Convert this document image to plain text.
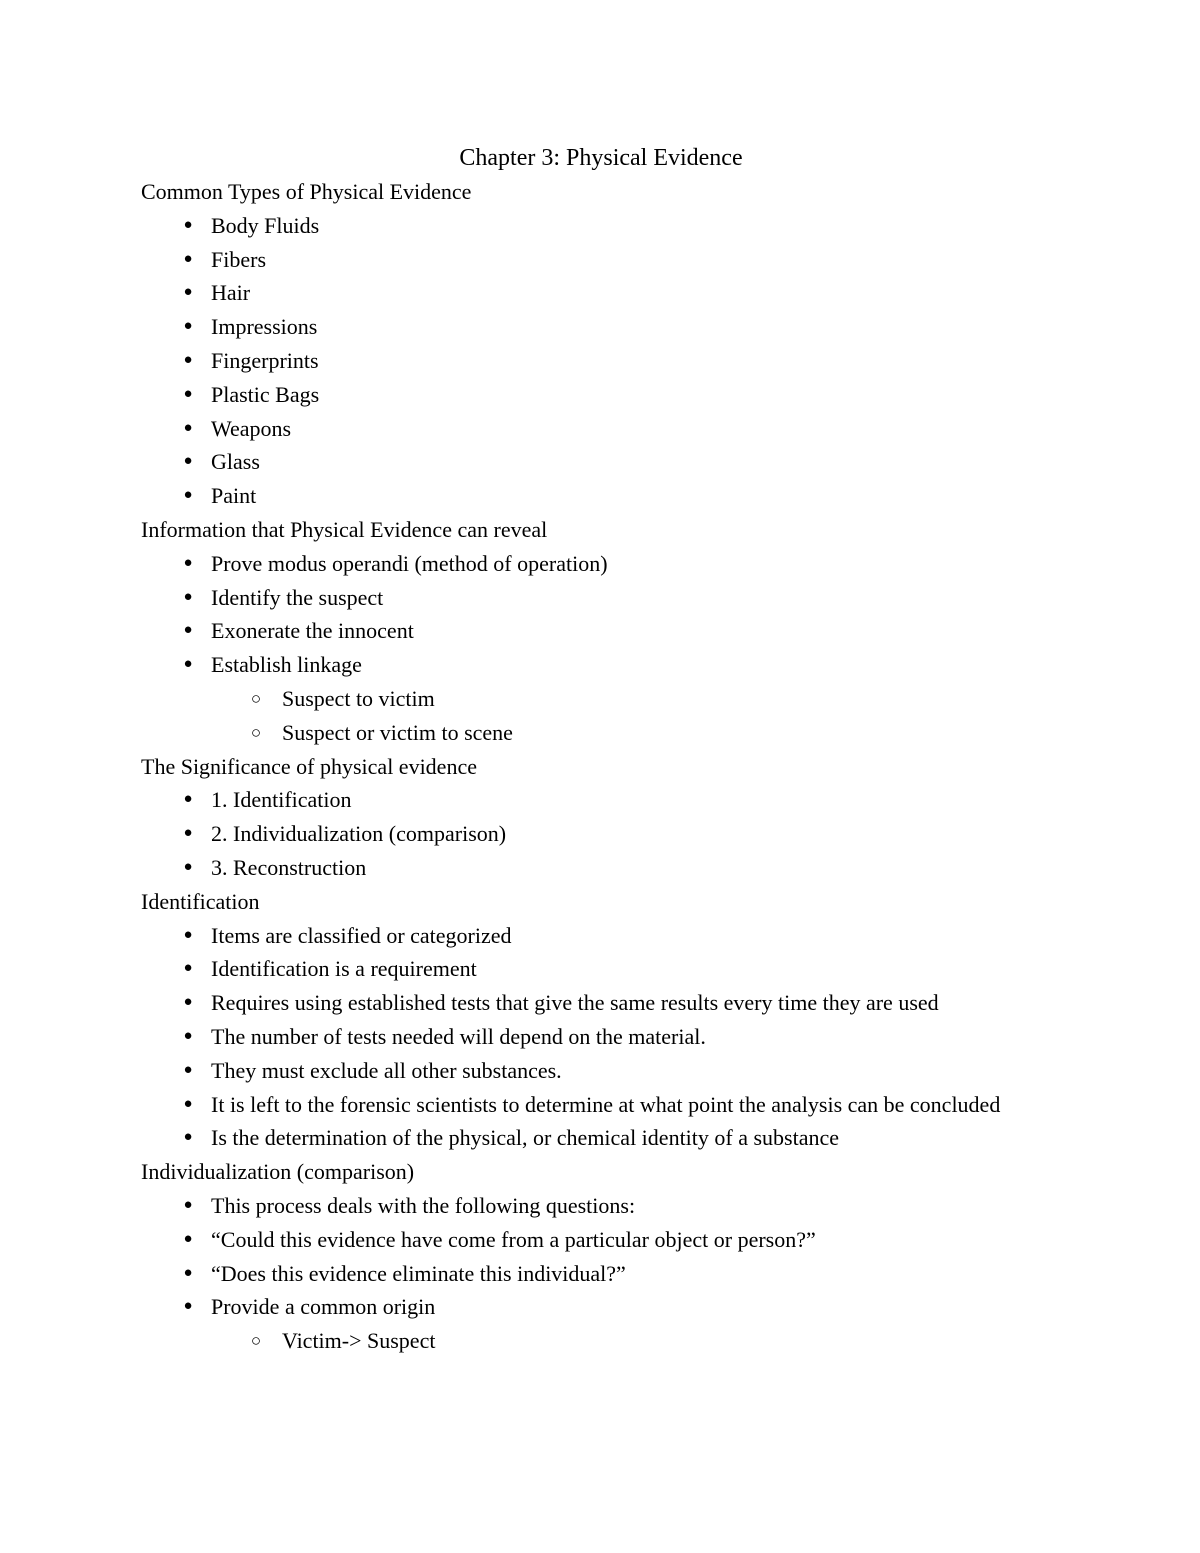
Chapter 3: Physical Evidence

Common Types of Physical Evidence

● Body Fluids
● Fibers
● Hair
● Impressions
● Fingerprints
● Plastic Bags
● Weapons
● Glass
● Paint

Information that Physical Evidence can reveal

● Prove modus operandi (method of operation)
● Identify the suspect
● Exonerate the innocent
● Establish linkage
○ Suspect to victim
○ Suspect or victim to scene

The Significance of physical evidence

● 1. Identification
● 2. Individualization (comparison)
● 3. Reconstruction

Identification

● Items are classified or categorized
● Identification is a requirement
● Requires using established tests that give the same results every time they are used
● The number of tests needed will depend on the material.
● They must exclude all other substances.
● It is left to the forensic scientists to determine at what point the analysis can be concluded
● Is the determination of the physical, or chemical identity of a substance

Individualization (comparison)

● This process deals with the following questions:
● “Could this evidence have come from a particular object or person?”
● “Does this evidence eliminate this individual?”
● Provide a common origin
○ Victim-> Suspect
